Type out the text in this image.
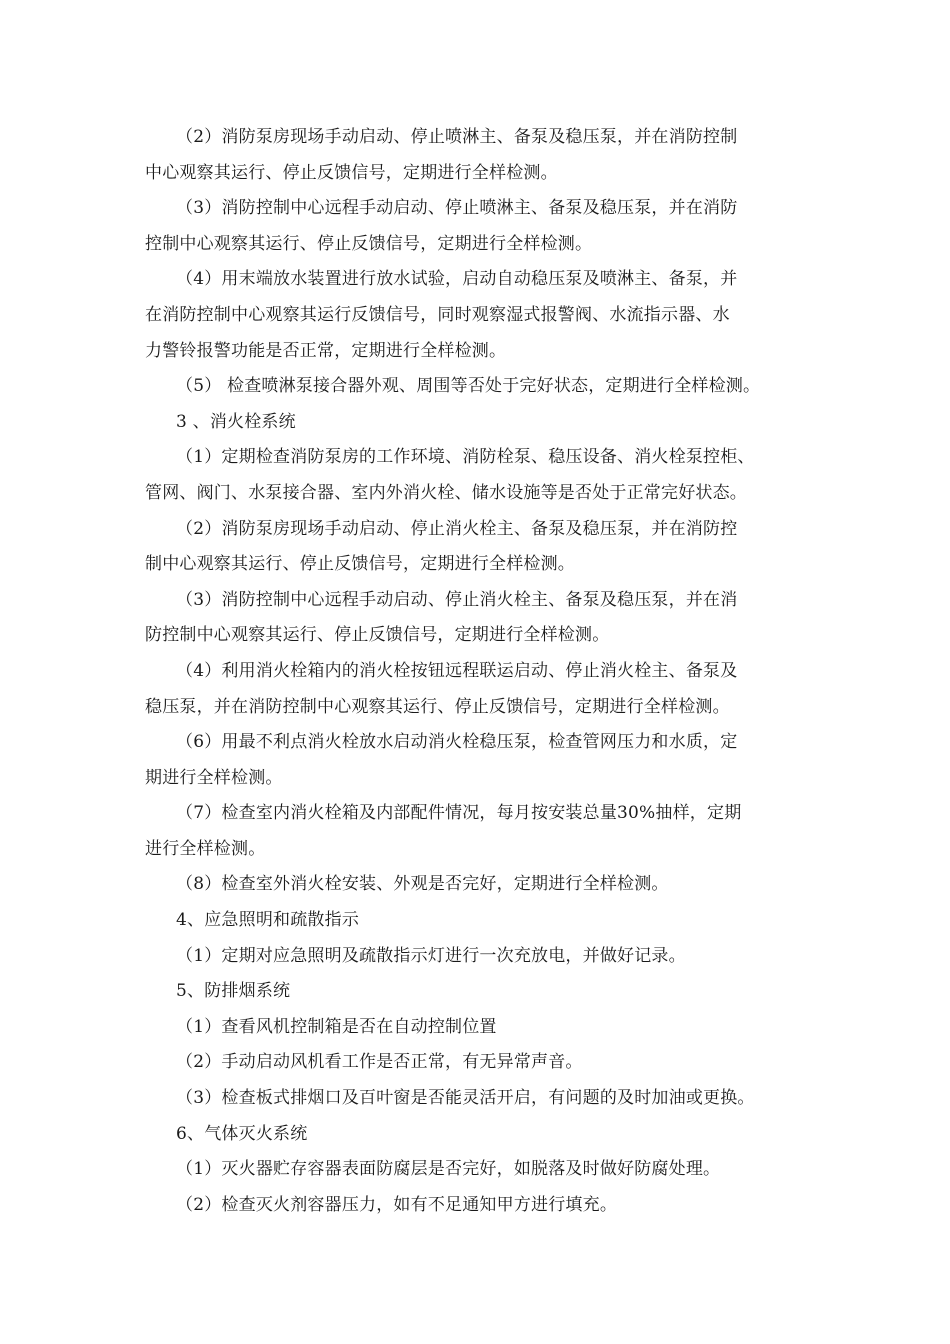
（2）消防泵房现场手动启动、停止喷淋主、备泵及稳压泵，并在消防控制
中心观察其运行、停止反馈信号，定期进行全样检测。
（3）消防控制中心远程手动启动、停止喷淋主、备泵及稳压泵，并在消防
控制中心观察其运行、停止反馈信号，定期进行全样检测。
（4）用末端放水装置进行放水试验，启动自动稳压泵及喷淋主、备泵，并
在消防控制中心观察其运行反馈信号，同时观察湿式报警阀、水流指示器、水
力警铃报警功能是否正常，定期进行全样检测。
（5） 检查喷淋泵接合器外观、周围等否处于完好状态，定期进行全样检测。
3 、消火栓系统
（1）定期检查消防泵房的工作环境、消防栓泵、稳压设备、消火栓泵控柜、
管网、阀门、水泵接合器、室内外消火栓、储水设施等是否处于正常完好状态。
（2）消防泵房现场手动启动、停止消火栓主、备泵及稳压泵，并在消防控
制中心观察其运行、停止反馈信号，定期进行全样检测。
（3）消防控制中心远程手动启动、停止消火栓主、备泵及稳压泵，并在消
防控制中心观察其运行、停止反馈信号，定期进行全样检测。
（4）利用消火栓箱内的消火栓按钮远程联运启动、停止消火栓主、备泵及
稳压泵，并在消防控制中心观察其运行、停止反馈信号，定期进行全样检测。
（6）用最不利点消火栓放水启动消火栓稳压泵，检查管网压力和水质，定
期进行全样检测。
（7）检查室内消火栓箱及内部配件情况，每月按安装总量30%抽样，定期
进行全样检测。
（8）检查室外消火栓安装、外观是否完好，定期进行全样检测。
4、应急照明和疏散指示
（1）定期对应急照明及疏散指示灯进行一次充放电，并做好记录。
5、防排烟系统
（1）查看风机控制箱是否在自动控制位置
（2）手动启动风机看工作是否正常，有无异常声音。
（3）检查板式排烟口及百叶窗是否能灵活开启，有问题的及时加油或更换。
6、气体灭火系统
（1）灭火器贮存容器表面防腐层是否完好，如脱落及时做好防腐处理。
（2）检查灭火剂容器压力，如有不足通知甲方进行填充。
